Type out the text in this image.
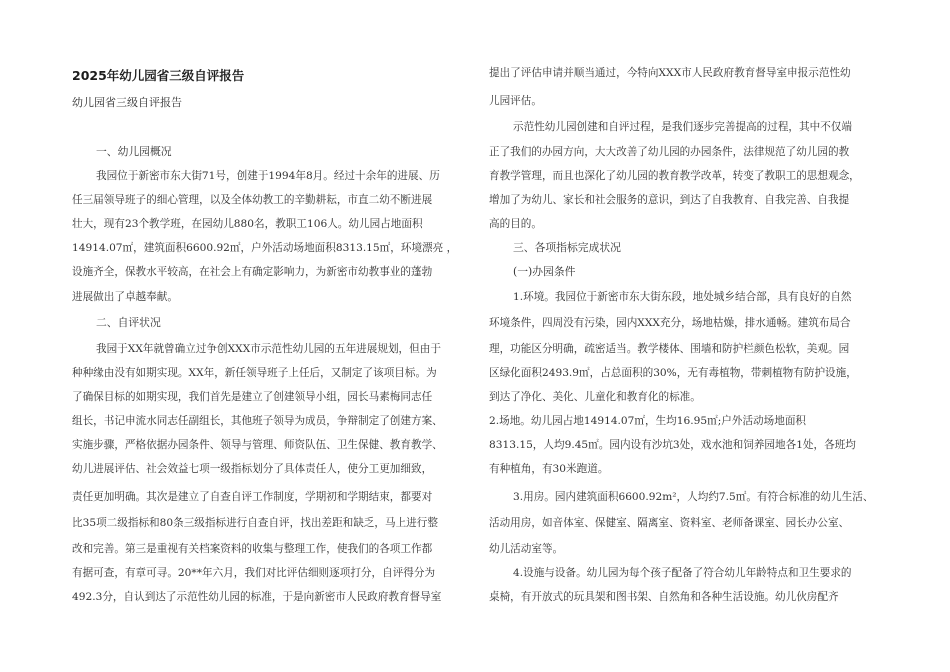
2025年幼儿园省三级自评报告
幼儿园省三级自评报告
一、幼儿园概况
我园位于新密市东大街71号，创建于1994年8月。经过十余年的进展、历
任三届领导班子的细心管理，以及全体幼教工的辛勤耕耘，市直二幼不断进展
壮大，现有23个教学班，在园幼儿880名，教职工106人。幼儿园占地面积
14914.07㎡，建筑面积6600.92㎡，户外活动场地面积8313.15㎡，环境漂亮 ，
设施齐全，保教水平较高，在社会上有确定影响力，为新密市幼教事业的蓬勃
进展做出了卓越奉献。
二、自评状况
我园于XX年就曾确立过争创XXX市示范性幼儿园的五年进展规划，但由于
种种缘由没有如期实现。XX年，新任领导班子上任后，又制定了该项目标。为
了确保目标的如期实现，我们首先是建立了创建领导小组，园长马素梅同志任
组长，书记申流水同志任副组长，其他班子领导为成员，争辩制定了创建方案、
实施步骤，严格依据办园条件、领导与管理、师资队伍、卫生保健、教育教学、
幼儿进展评估、社会效益七项一级指标划分了具体责任人，使分工更加细致，
责任更加明确。其次是建立了自查自评工作制度，学期初和学期结束，都要对
比35项二级指标和80条三级指标进行自查自评，找出差距和缺乏，马上进行整
改和完善。第三是重视有关档案资料的收集与整理工作，使我们的各项工作都
有据可查，有章可寻。20**年六月，我们对比评估细则逐项打分，自评得分为
492.3分，自认到达了示范性幼儿园的标准，于是向新密市人民政府教育督导室
提出了评估申请并顺当通过，今特向XXX市人民政府教育督导室申报示范性幼
儿园评估。
示范性幼儿园创建和自评过程，是我们逐步完善提高的过程，其中不仅端
正了我们的办园方向，大大改善了幼儿园的办园条件，法律规范了幼儿园的教
育教学管理，而且也深化了幼儿园的教育教学改革，转变了教职工的思想观念，
增加了为幼儿、家长和社会服务的意识，到达了自我教育、自我完善、自我提
高的目的。
三、各项指标完成状况
(一)办园条件
1.环境。我园位于新密市东大街东段，地处城乡结合部，具有良好的自然
环境条件，四周没有污染，园内XXX充分，场地枯燥，排水通畅。建筑布局合
理，功能区分明确，疏密适当。教学楼体、围墙和防护栏颜色松软，美观。园
区绿化面积2493.9㎡，占总面积的30%，无有毒植物，带刺植物有防护设施，
到达了净化、美化、儿童化和教育化的标准。
2.场地。幼儿园占地14914.07㎡，生均16.95㎡;户外活动场地面积
8313.15，人均9.45㎡。园内设有沙坑3处，戏水池和饲养园地各1处，各班均
有种植角，有30米跑道。
3.用房。园内建筑面积6600.92m²，人均约7.5㎡。有符合标准的幼儿生活、
活动用房，如音体室、保健室、隔离室、资料室、老师备课室、园长办公室、
幼儿活动室等。
4.设施与设备。幼儿园为每个孩子配备了符合幼儿年龄特点和卫生要求的
桌椅，有开放式的玩具架和图书架、自然角和各种生活设施。幼儿伙房配齐
